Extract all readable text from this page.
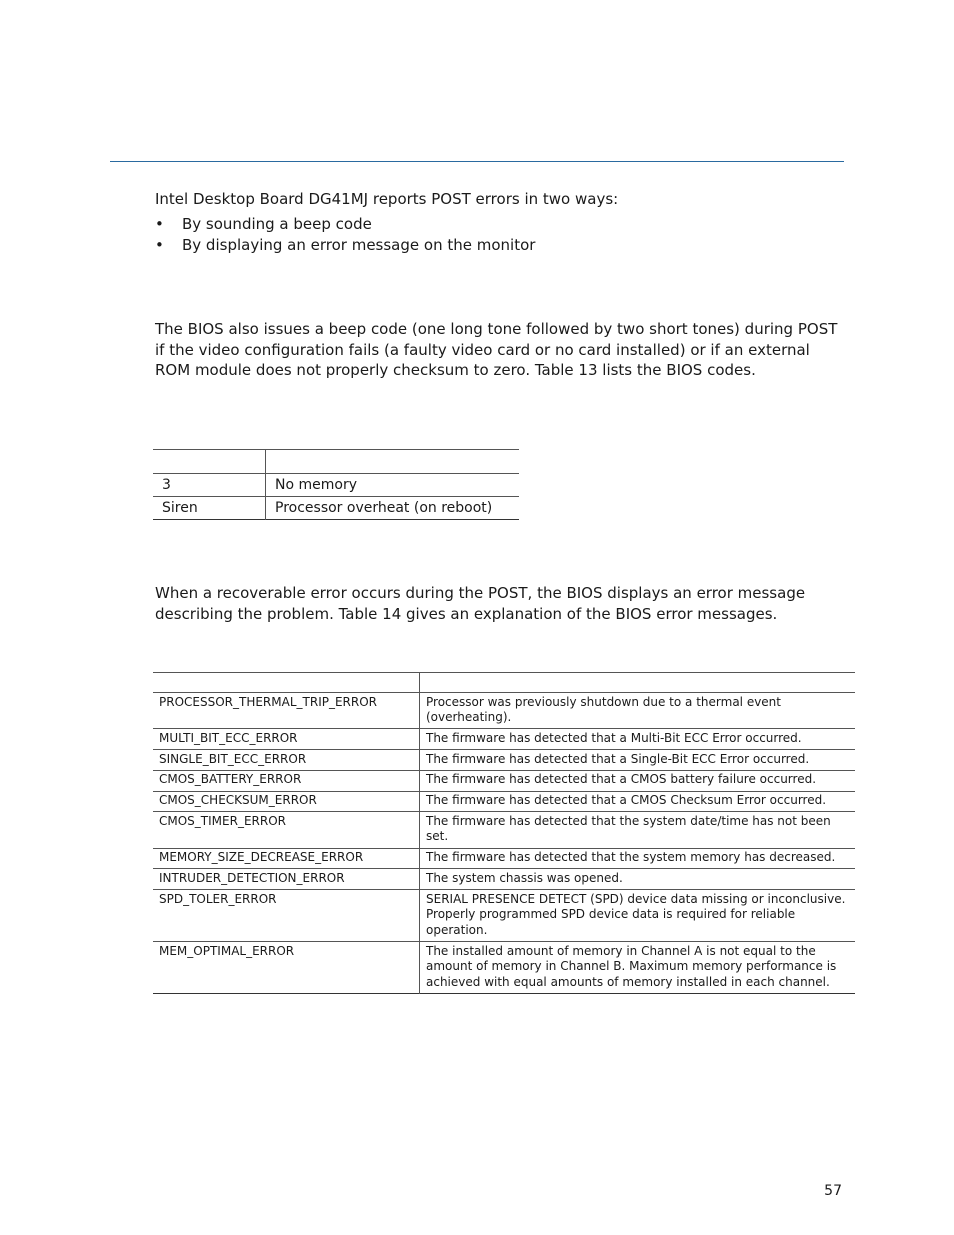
Intel Desktop Board DG41MJ reports POST errors in two ways:

• By sounding a beep code
• By displaying an error message on the monitor

The BIOS also issues a beep code (one long tone followed by two short tones) during POST if the video configuration fails (a faulty video card or no card installed) or if an external ROM module does not properly checksum to zero. Table 13 lists the BIOS codes.

3	No memory
Siren	Processor overheat (on reboot)

When a recoverable error occurs during the POST, the BIOS displays an error message describing the problem. Table 14 gives an explanation of the BIOS error messages.

PROCESSOR_THERMAL_TRIP_ERROR	Processor was previously shutdown due to a thermal event (overheating).
MULTI_BIT_ECC_ERROR	The firmware has detected that a Multi-Bit ECC Error occurred.
SINGLE_BIT_ECC_ERROR	The firmware has detected that a Single-Bit ECC Error occurred.
CMOS_BATTERY_ERROR	The firmware has detected that a CMOS battery failure occurred.
CMOS_CHECKSUM_ERROR	The firmware has detected that a CMOS Checksum Error occurred.
CMOS_TIMER_ERROR	The firmware has detected that the system date/time has not been set.
MEMORY_SIZE_DECREASE_ERROR	The firmware has detected that the system memory has decreased.
INTRUDER_DETECTION_ERROR	The system chassis was opened.
SPD_TOLER_ERROR	SERIAL PRESENCE DETECT (SPD) device data missing or inconclusive. Properly programmed SPD device data is required for reliable operation.
MEM_OPTIMAL_ERROR	The installed amount of memory in Channel A is not equal to the amount of memory in Channel B. Maximum memory performance is achieved with equal amounts of memory installed in each channel.
57
